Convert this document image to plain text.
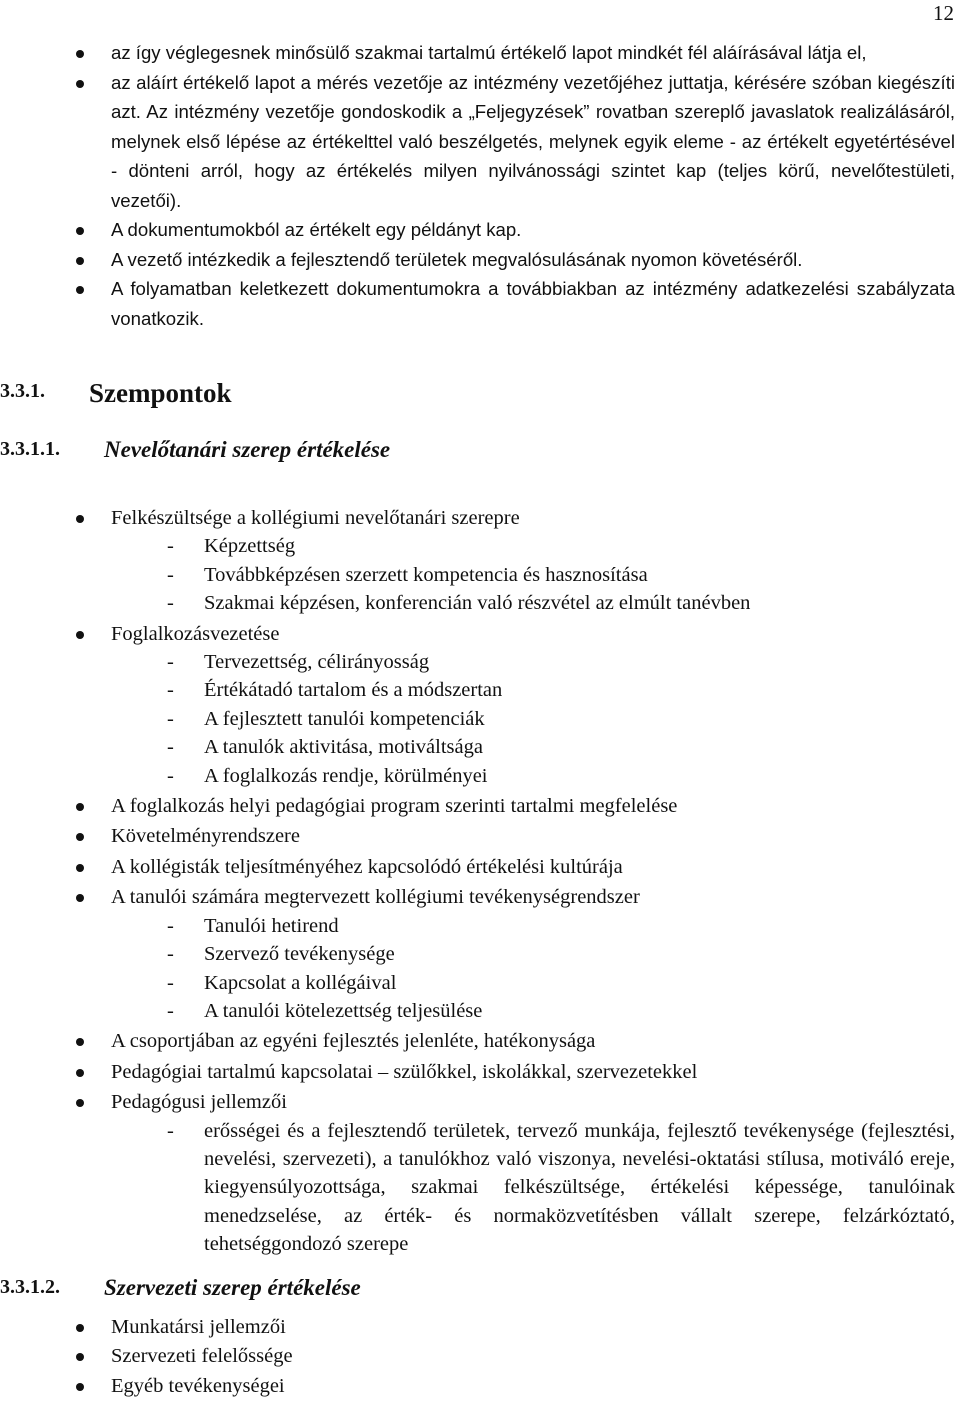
12
az így véglegesnek minősülő szakmai tartalmú értékelő lapot mindkét fél aláírásával látja el,
az aláírt értékelő lapot a mérés vezetője az intézmény vezetőjéhez juttatja, kérésére szóban kiegészíti azt. Az intézmény vezetője gondoskodik a „Feljegyzések” rovatban szereplő javaslatok realizálásáról, melynek első lépése az értékelttel való beszélgetés, melynek egyik eleme - az értékelt egyetértésével - dönteni arról, hogy az értékelés milyen nyilvánossági szintet kap (teljes körű, nevelőtestületi, vezetői).
A dokumentumokból az értékelt egy példányt kap.
A vezető intézkedik a fejlesztendő területek megvalósulásának nyomon követéséről.
A folyamatban keletkezett dokumentumokra a továbbiakban az intézmény adatkezelési szabályzata vonatkozik.
3.3.1. Szempontok
3.3.1.1. Nevelőtanári szerep értékelése
Felkészültsége a kollégiumi nevelőtanári szerepre
- Képzettség
- Továbbképzésen szerzett kompetencia és hasznosítása
- Szakmai képzésen, konferencián való részvétel az elmúlt tanévben
Foglalkozásvezetése
- Tervezettség, célirányosság
- Értékátadó tartalom és a módszertan
- A fejlesztett tanulói kompetenciák
- A tanulók aktivitása, motiváltsága
- A foglalkozás rendje, körülményei
A foglalkozás helyi pedagógiai program szerinti tartalmi megfelelése
Követelményrendszere
A kollégisták teljesítményéhez kapcsolódó értékelési kultúrája
A tanulói számára megtervezett kollégiumi tevékenységrendszer
- Tanulói hetirend
- Szervező tevékenysége
- Kapcsolat a kollégáival
- A tanulói kötelezettség teljesülése
A csoportjában az egyéni fejlesztés jelenléte, hatékonysága
Pedagógiai tartalmú kapcsolatai – szülőkkel, iskolákkal, szervezetekkel
Pedagógusi jellemzői
- erősségei és a fejlesztendő területek, tervező munkája, fejlesztő tevékenysége (fejlesztési, nevelési, szervezeti), a tanulókhoz való viszonya, nevelési-oktatási stílusa, motiváló ereje, kiegyensúlyozottsága, szakmai felkészültsége, értékelési képessége, tanulóinak menedzselése, az érték- és normaközvetítésben vállalt szerepe, felzárkóztató, tehetséggondozó szerepe
3.3.1.2. Szervezeti szerep értékelése
Munkatársi jellemzői
Szervezeti felelőssége
Egyéb tevékenységei
